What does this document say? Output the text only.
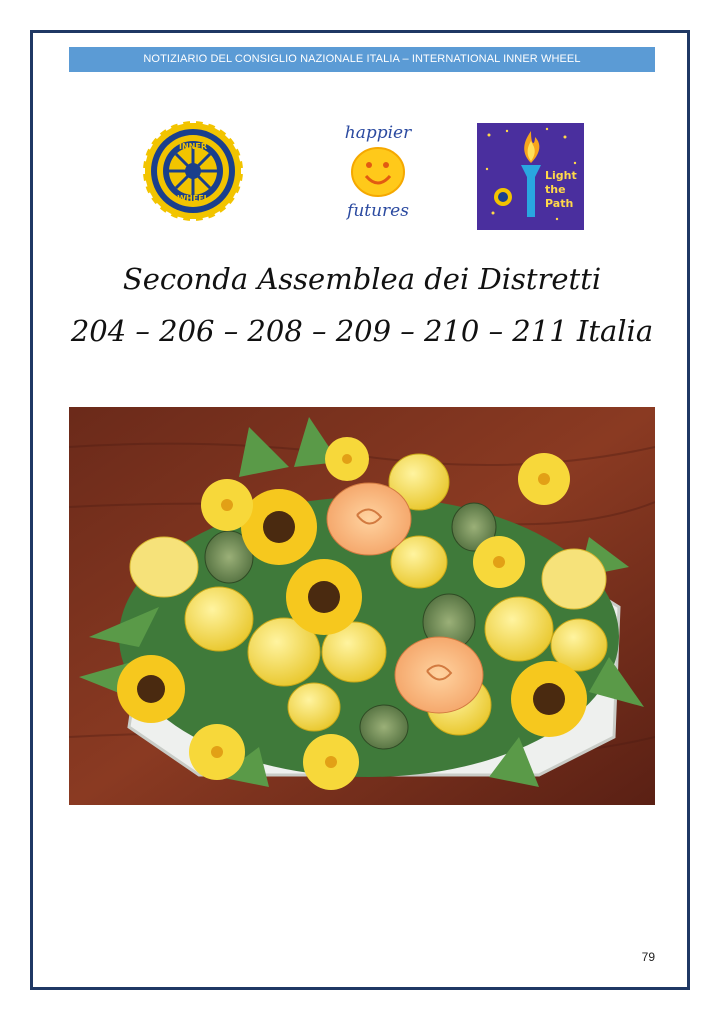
NOTIZIARIO DEL CONSIGLIO NAZIONALE ITALIA – INTERNATIONAL INNER WHEEL
INNER
WHEEL
happier
futures
Light
the
Path
Seconda Assemblea dei Distretti
204 – 206 – 208 – 209 – 210 – 211 Italia
79
